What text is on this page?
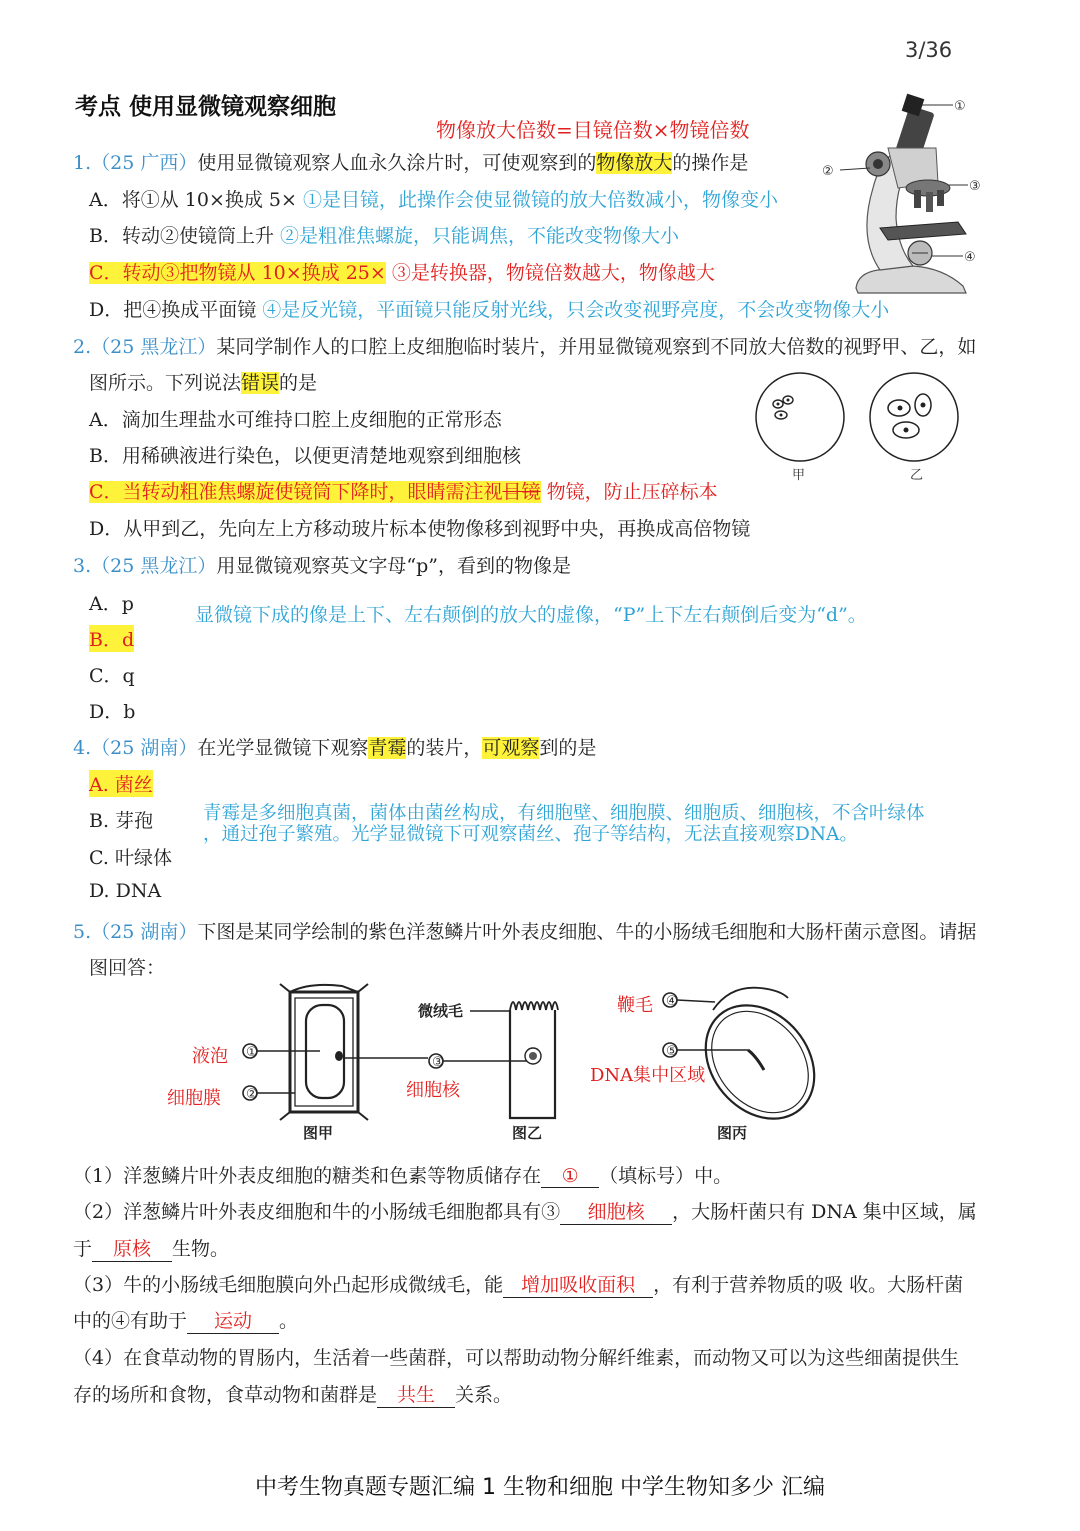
3/36
考点 使用显微镜观察细胞
物像放大倍数=目镜倍数×物镜倍数
①
②
③
④
1.（25 广西）使用显微镜观察人血永久涂片时，可使观察到的物像放大的操作是
A．将①从 10×换成 5× ①是目镜，此操作会使显微镜的放大倍数减小，物像变小
B．转动②使镜筒上升 ②是粗准焦螺旋，只能调焦，不能改变物像大小
C．转动③把物镜从 10×换成 25× ③是转换器，物镜倍数越大，物像越大
D．把④换成平面镜 ④是反光镜，平面镜只能反射光线，只会改变视野亮度，不会改变物像大小
2.（25 黑龙江）某同学制作人的口腔上皮细胞临时装片，并用显微镜观察到不同放大倍数的视野甲、乙，如
图所示。下列说法错误的是
A．滴加生理盐水可维持口腔上皮细胞的正常形态
B．用稀碘液进行染色，以便更清楚地观察到细胞核
C．当转动粗准焦螺旋使镜筒下降时，眼睛需注视目镜 物镜，防止压碎标本
D．从甲到乙，先向左上方移动玻片标本使物像移到视野中央，再换成高倍物镜
甲	乙
3.（25 黑龙江）用显微镜观察英文字母“p”，看到的物像是
A．p
B．d
C．q
D．b
显微镜下成的像是上下、左右颠倒的放大的虚像，“P”上下左右颠倒后变为“d”。
4.（25 湖南）在光学显微镜下观察青霉的装片，可观察到的是
A. 菌丝
B. 芽孢
C. 叶绿体
D. DNA
青霉是多细胞真菌，菌体由菌丝构成，有细胞壁、细胞膜、细胞质、细胞核，不含叶绿体
，通过孢子繁殖。光学显微镜下可观察菌丝、孢子等结构，无法直接观察DNA。
5.（25 湖南）下图是某同学绘制的紫色洋葱鳞片叶外表皮细胞、牛的小肠绒毛细胞和大肠杆菌示意图。请据
图回答：
①
②
图甲
③
微绒毛
图乙
④
⑤
图丙
液泡
细胞膜	细胞核
鞭毛
DNA集中区域
（1）洋葱鳞片叶外表皮细胞的糖类和色素等物质储存在 ① （填标号）中。
（2）洋葱鳞片叶外表皮细胞和牛的小肠绒毛细胞都具有③ 细胞核 ，大肠杆菌只有 DNA 集中区域，属
于 原核 生物。
（3）牛的小肠绒毛细胞膜向外凸起形成微绒毛，能 增加吸收面积 ，有利于营养物质的吸 收。大肠杆菌
中的④有助于 运动 。
（4）在食草动物的胃肠内，生活着一些菌群，可以帮助动物分解纤维素，而动物又可以为这些细菌提供生
存的场所和食物，食草动物和菌群是 共生 关系。
中考生物真题专题汇编 1 生物和细胞 中学生物知多少 汇编
